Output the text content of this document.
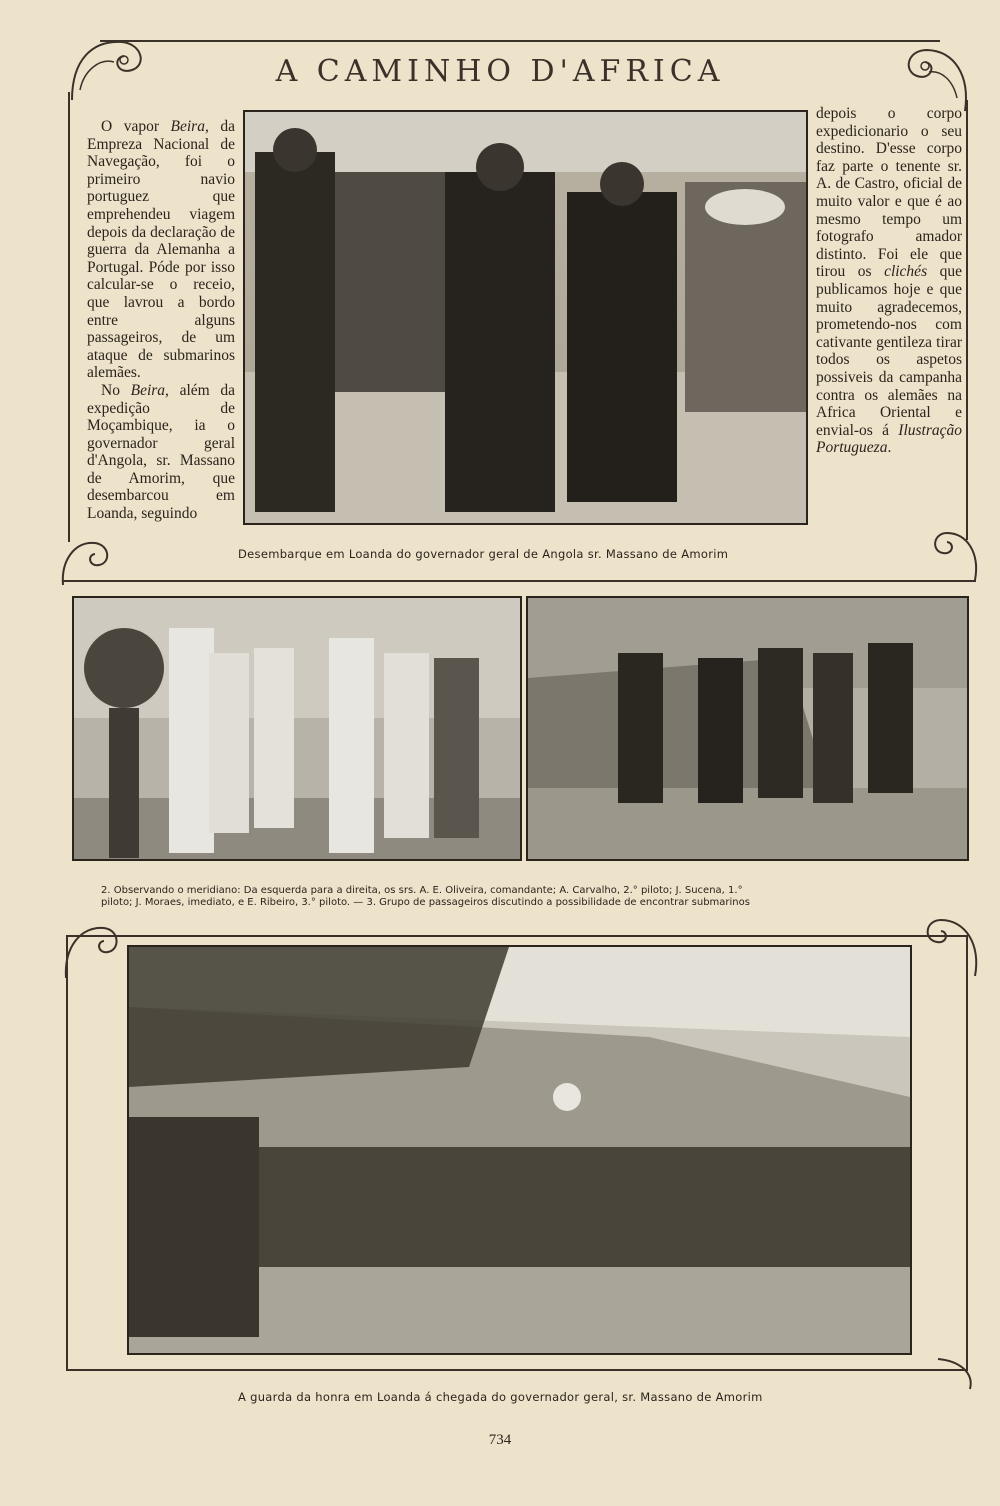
A CAMINHO D'AFRICA

O vapor Beira, da Empreza Nacional de Navegação, foi o primeiro navio portuguez que emprehendeu viagem depois da declaração de guerra da Alemanha a Portugal. Póde por isso calcular-se o receio, que lavrou a bordo entre alguns passageiros, de um ataque de submarinos alemães.

No Beira, além da expedição de Moçambique, ia o governador geral d'Angola, sr. Massano de Amorim, que desembarcou em Loanda, seguindo

depois o corpo expedicionario o seu destino. D'esse corpo faz parte o tenente sr. A. de Castro, oficial de muito valor e que é ao mesmo tempo um fotografo amador distinto. Foi ele que tirou os clichés que publicamos hoje e que muito agradecemos, prometendo-nos com cativante gentileza tirar todos os aspetos possiveis da campanha contra os alemães na Africa Oriental e envial-os á Ilustração Portugueza.

Desembarque em Loanda do governador geral de Angola sr. Massano de Amorim

2. Observando o meridiano: Da esquerda para a direita, os srs. A. E. Oliveira, comandante; A. Carvalho, 2.° piloto; J. Sucena, 1.°

piloto; J. Moraes, imediato, e E. Ribeiro, 3.° piloto. — 3. Grupo de passageiros discutindo a possibilidade de encontrar submarinos

A guarda da honra em Loanda á chegada do governador geral, sr. Massano de Amorim

734
